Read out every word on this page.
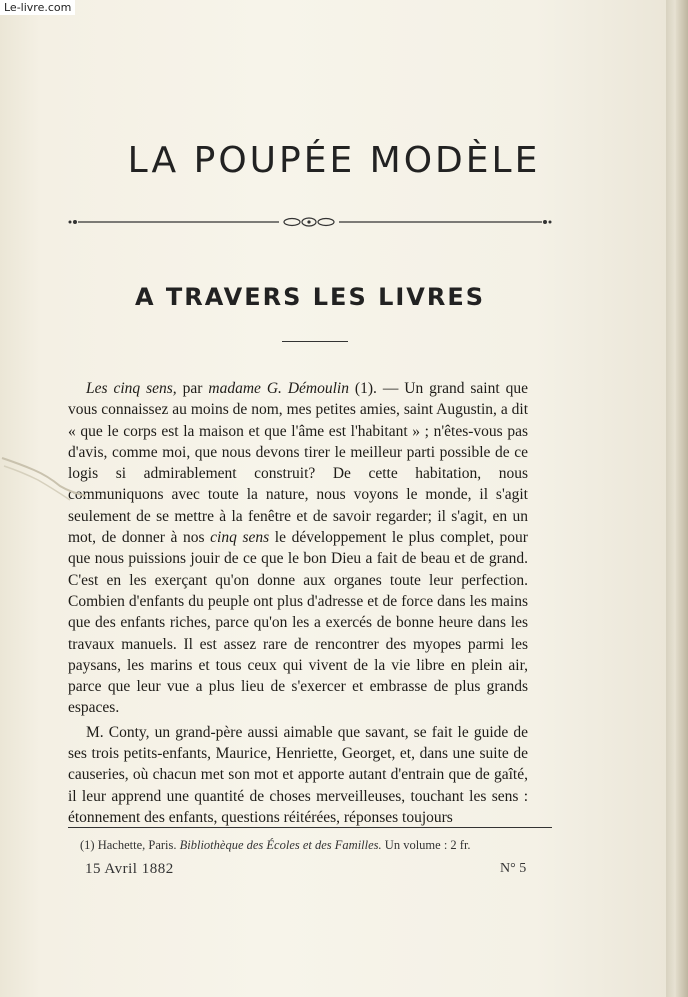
Le-livre.com
LA POUPÉE MODÈLE
A TRAVERS LES LIVRES

Les cinq sens, par madame G. Démoulin (1). — Un grand saint que vous connaissez au moins de nom, mes petites amies, saint Augustin, a dit « que le corps est la maison et que l'âme est l'habitant » ; n'êtes-vous pas d'avis, comme moi, que nous devons tirer le meilleur parti possible de ce logis si admirablement construit? De cette habitation, nous communiquons avec toute la nature, nous voyons le monde, il s'agit seulement de se mettre à la fenêtre et de savoir regarder; il s'agit, en un mot, de donner à nos cinq sens le développement le plus complet, pour que nous puissions jouir de ce que le bon Dieu a fait de beau et de grand. C'est en les exerçant qu'on donne aux organes toute leur perfection. Combien d'enfants du peuple ont plus d'adresse et de force dans les mains que des enfants riches, parce qu'on les a exercés de bonne heure dans les travaux manuels. Il est assez rare de rencontrer des myopes parmi les paysans, les marins et tous ceux qui vivent de la vie libre en plein air, parce que leur vue a plus lieu de s'exercer et embrasse de plus grands espaces.

M. Conty, un grand-père aussi aimable que savant, se fait le guide de ses trois petits-enfants, Maurice, Henriette, Georget, et, dans une suite de causeries, où chacun met son mot et apporte autant d'entrain que de gaîté, il leur apprend une quantité de choses merveilleuses, touchant les sens : étonnement des enfants, questions réitérées, réponses toujours

(1) Hachette, Paris. Bibliothèque des Écoles et des Familles. Un volume : 2 fr.
15 Avril 1882	N° 5
